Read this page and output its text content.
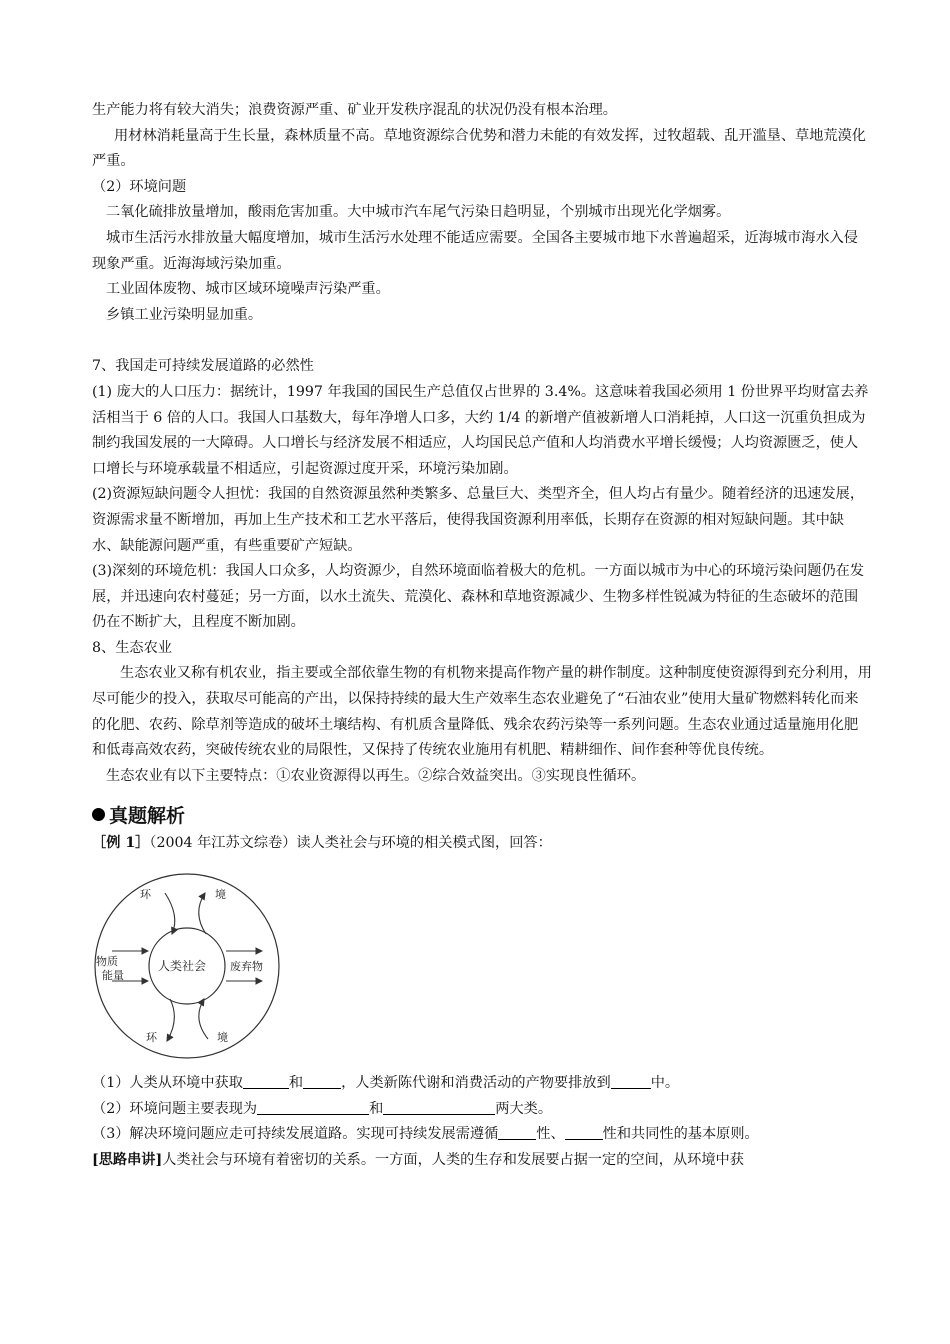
生产能力将有较大消失；浪费资源严重、矿业开发秩序混乱的状况仍没有根本治理。

用材林消耗量高于生长量，森林质量不高。草地资源综合优势和潜力未能的有效发挥，过牧超载、乱开滥垦、草地荒漠化严重。

（2）环境问题

二氧化硫排放量增加，酸雨危害加重。大中城市汽车尾气污染日趋明显，个别城市出现光化学烟雾。

城市生活污水排放量大幅度增加，城市生活污水处理不能适应需要。全国各主要城市地下水普遍超采，近海城市海水入侵现象严重。近海海域污染加重。

工业固体废物、城市区域环境噪声污染严重。

乡镇工业污染明显加重。

7、我国走可持续发展道路的必然性

(1) 庞大的人口压力：据统计，1997 年我国的国民生产总值仅占世界的 3.4%。这意味着我国必须用 1 份世界平均财富去养活相当于 6 倍的人口。我国人口基数大，每年净增人口多，大约 1/4 的新增产值被新增人口消耗掉，人口这一沉重负担成为制约我国发展的一大障碍。人口增长与经济发展不相适应，人均国民总产值和人均消费水平增长缓慢；人均资源匮乏，使人口增长与环境承载量不相适应，引起资源过度开采，环境污染加剧。

(2)资源短缺问题令人担忧：我国的自然资源虽然种类繁多、总量巨大、类型齐全，但人均占有量少。随着经济的迅速发展，资源需求量不断增加，再加上生产技术和工艺水平落后，使得我国资源利用率低，长期存在资源的相对短缺问题。其中缺水、缺能源问题严重，有些重要矿产短缺。

(3)深刻的环境危机：我国人口众多，人均资源少，自然环境面临着极大的危机。一方面以城市为中心的环境污染问题仍在发展，并迅速向农村蔓延；另一方面，以水土流失、荒漠化、森林和草地资源减少、生物多样性锐减为特征的生态破坏的范围仍在不断扩大，且程度不断加剧。

8、生态农业

生态农业又称有机农业，指主要或全部依靠生物的有机物来提高作物产量的耕作制度。这种制度使资源得到充分利用，用尽可能少的投入，获取尽可能高的产出，以保持持续的最大生产效率生态农业避免了“石油农业”使用大量矿物燃料转化而来的化肥、农药、除草剂等造成的破坏土壤结构、有机质含量降低、残余农药污染等一系列问题。生态农业通过适量施用化肥和低毒高效农药，突破传统农业的局限性，又保持了传统农业施用有机肥、精耕细作、间作套种等优良传统。

生态农业有以下主要特点：①农业资源得以再生。②综合效益突出。③实现良性循环。

真题解析

［例 1］（2004 年江苏文综卷）读人类社会与环境的相关模式图，回答：

环	境
物质
能量
人类社会 废弃物
环	境

（1）人类从环境中获取	和	，人类新陈代谢和消费活动的产物要排放到	中。

（2）环境问题主要表现为	和	两大类。

（3）解决环境问题应走可持续发展道路。实现可持续发展需遵循	性、	性和共同性的基本原则。

[思路串讲]人类社会与环境有着密切的关系。一方面，人类的生存和发展要占据一定的空间，从环境中获
